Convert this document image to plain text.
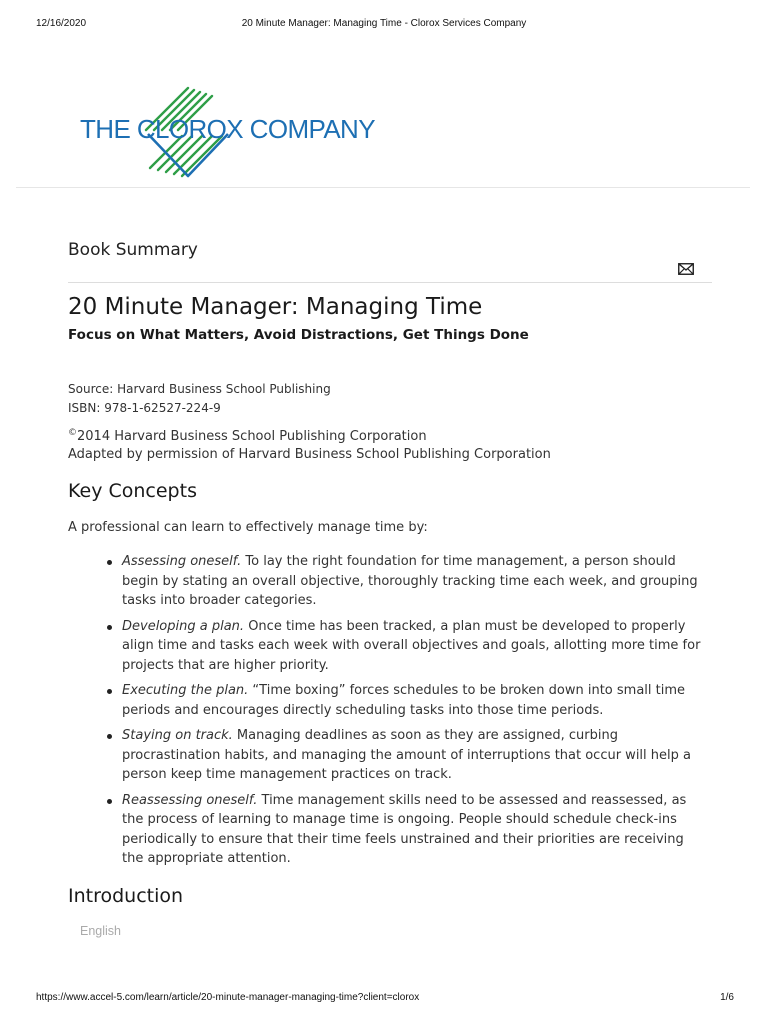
12/16/2020	20 Minute Manager: Managing Time - Clorox Services Company
THE CLOROX COMPANY
Book Summary
20 Minute Manager: Managing Time
Focus on What Matters, Avoid Distractions, Get Things Done
Source: Harvard Business School Publishing
ISBN: 978-1-62527-224-9
©2014 Harvard Business School Publishing Corporation
Adapted by permission of Harvard Business School Publishing Corporation
Key Concepts
A professional can learn to effectively manage time by:
Assessing oneself. To lay the right foundation for time management, a person should begin by stating an overall objective, thoroughly tracking time each week, and grouping tasks into broader categories.
Developing a plan. Once time has been tracked, a plan must be developed to properly align time and tasks each week with overall objectives and goals, allotting more time for projects that are higher priority.
Executing the plan. “Time boxing” forces schedules to be broken down into small time periods and encourages directly scheduling tasks into those time periods.
Staying on track. Managing deadlines as soon as they are assigned, curbing procrastination habits, and managing the amount of interruptions that occur will help a person keep time management practices on track.
Reassessing oneself. Time management skills need to be assessed and reassessed, as the process of learning to manage time is ongoing. People should schedule check-ins periodically to ensure that their time feels unstrained and their priorities are receiving the appropriate attention.
Introduction
English
https://www.accel-5.com/learn/article/20-minute-manager-managing-time?client=clorox	1/6
